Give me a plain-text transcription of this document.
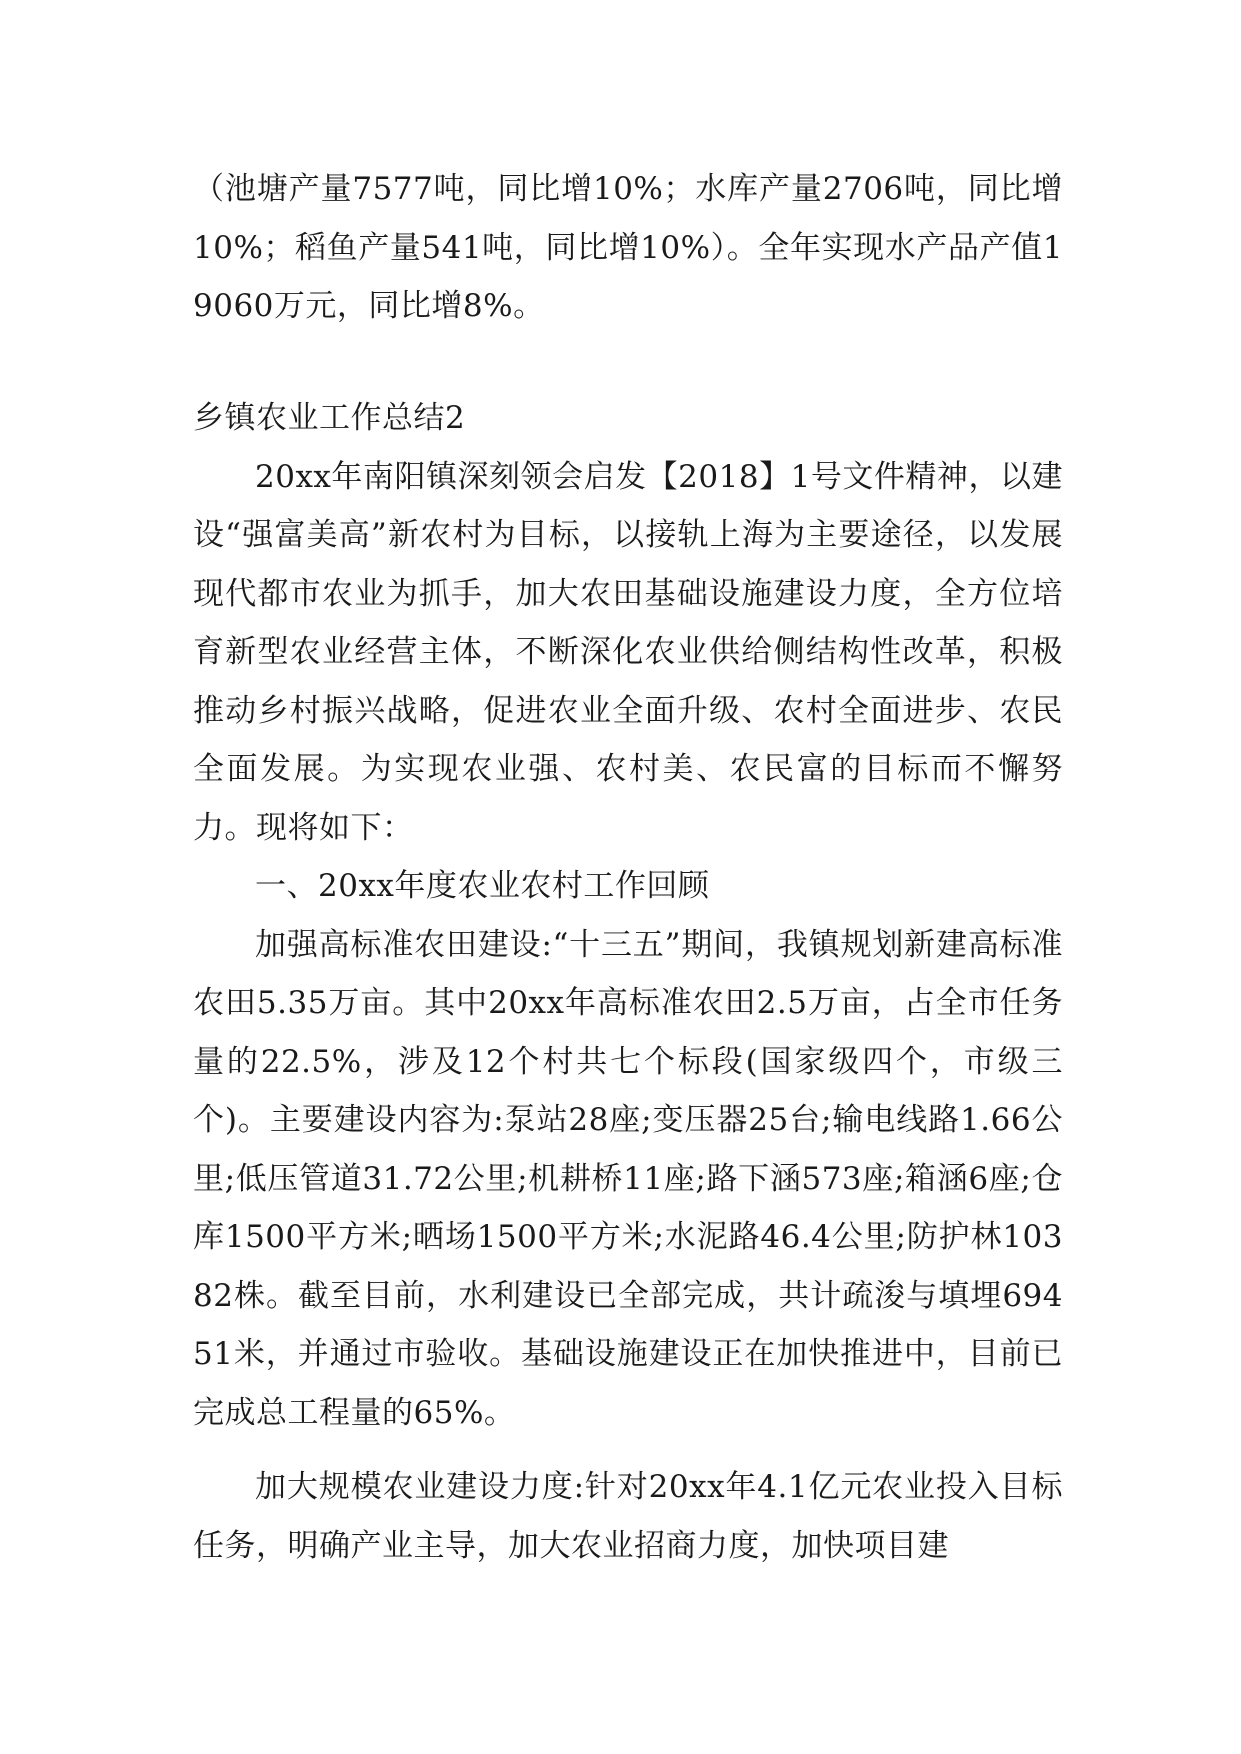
（池塘产量7577吨，同比增10%；水库产量2706吨，同比增10%；稻鱼产量541吨，同比增10%）。全年实现水产品产值19060万元，同比增8%。

乡镇农业工作总结2

20xx年南阳镇深刻领会启发【2018】1号文件精神，以建设“强富美高”新农村为目标，以接轨上海为主要途径，以发展现代都市农业为抓手，加大农田基础设施建设力度，全方位培育新型农业经营主体，不断深化农业供给侧结构性改革，积极推动乡村振兴战略，促进农业全面升级、农村全面进步、农民全面发展。为实现农业强、农村美、农民富的目标而不懈努力。现将如下：

一、20xx年度农业农村工作回顾

加强高标准农田建设:“十三五”期间，我镇规划新建高标准农田5.35万亩。其中20xx年高标准农田2.5万亩，占全市任务量的22.5%，涉及12个村共七个标段(国家级四个，市级三个)。主要建设内容为:泵站28座;变压器25台;输电线路1.66公里;低压管道31.72公里;机耕桥11座;路下涵573座;箱涵6座;仓库1500平方米;晒场1500平方米;水泥路46.4公里;防护林10382株。截至目前，水利建设已全部完成，共计疏浚与填埋69451米，并通过市验收。基础设施建设正在加快推进中，目前已完成总工程量的65%。

加大规模农业建设力度:针对20xx年4.1亿元农业投入目标任务，明确产业主导，加大农业招商力度，加快项目建
